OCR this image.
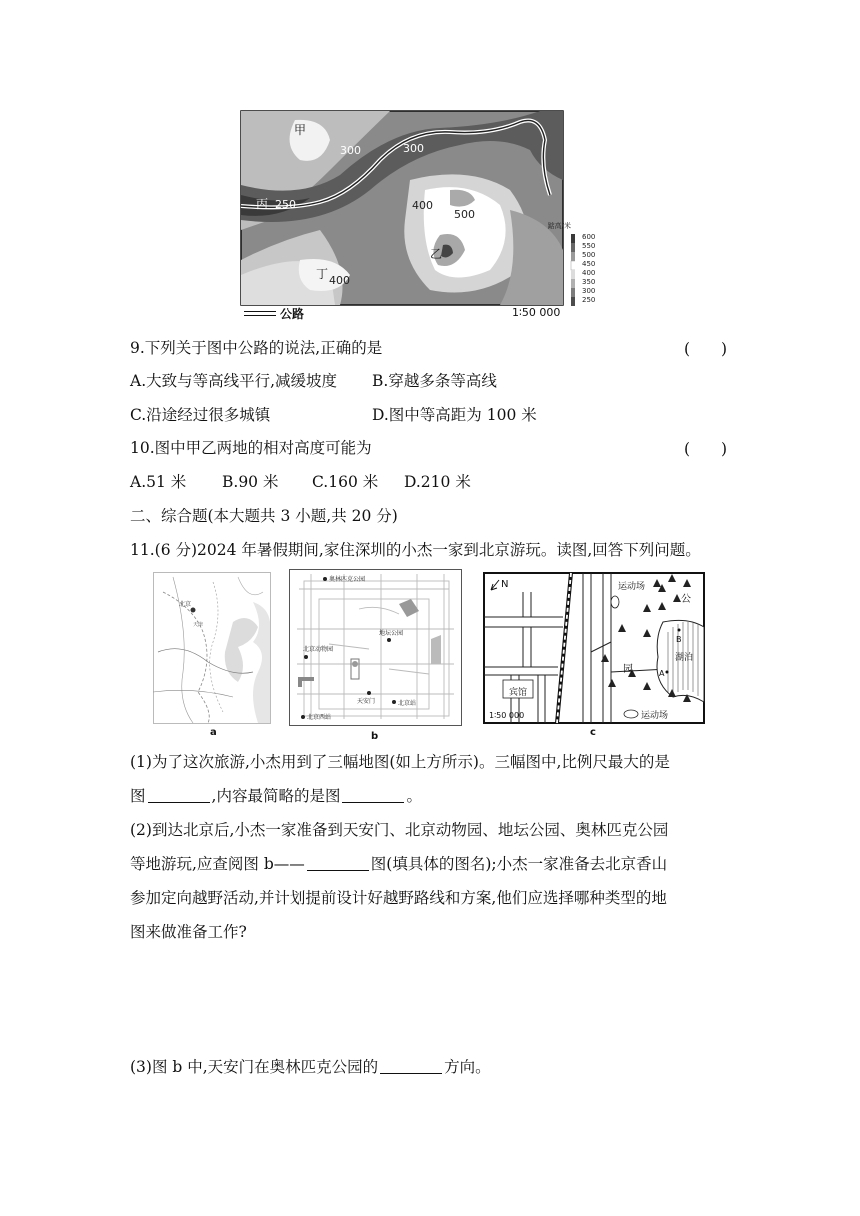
甲
300	300
丙 250	400
500
乙
丁 400
踮高/米
600
550
500
450
400
350
300
250
公路	1∶50 000
9.下列关于图中公路的说法,正确的是	(　　)
A.大致与等高线平行,减缓坡度 B.穿越多条等高线
C.沿途经过很多城镇	D.图中等高距为 100 米
10.图中甲乙两地的相对高度可能为	(　　)
A.51 米 B.90 米 C.160 米 D.210 米
二、综合题(本大题共 3 小题,共 20 分)
11.(6 分)2024 年暑假期间,家住深圳的小杰一家到北京游玩。读图,回答下列问题。
北京
天津
a
奥林匹克公园
北京动物园
地坛公园
天安门
北京西站
北京站
b
N	运动场
公
园
湖泊
宾馆
运动场
1∶50 000
A
B
c
(1)为了这次旅游,小杰用到了三幅地图(如上方所示)。三幅图中,比例尺最大的是
图	,内容最简略的是图	。
(2)到达北京后,小杰一家准备到天安门、北京动物园、地坛公园、奥林匹克公园
等地游玩,应查阅图 b——	图(填具体的图名);小杰一家准备去北京香山
参加定向越野活动,并计划提前设计好越野路线和方案,他们应选择哪种类型的地
图来做准备工作?
(3)图 b 中,天安门在奥林匹克公园的	方向。
